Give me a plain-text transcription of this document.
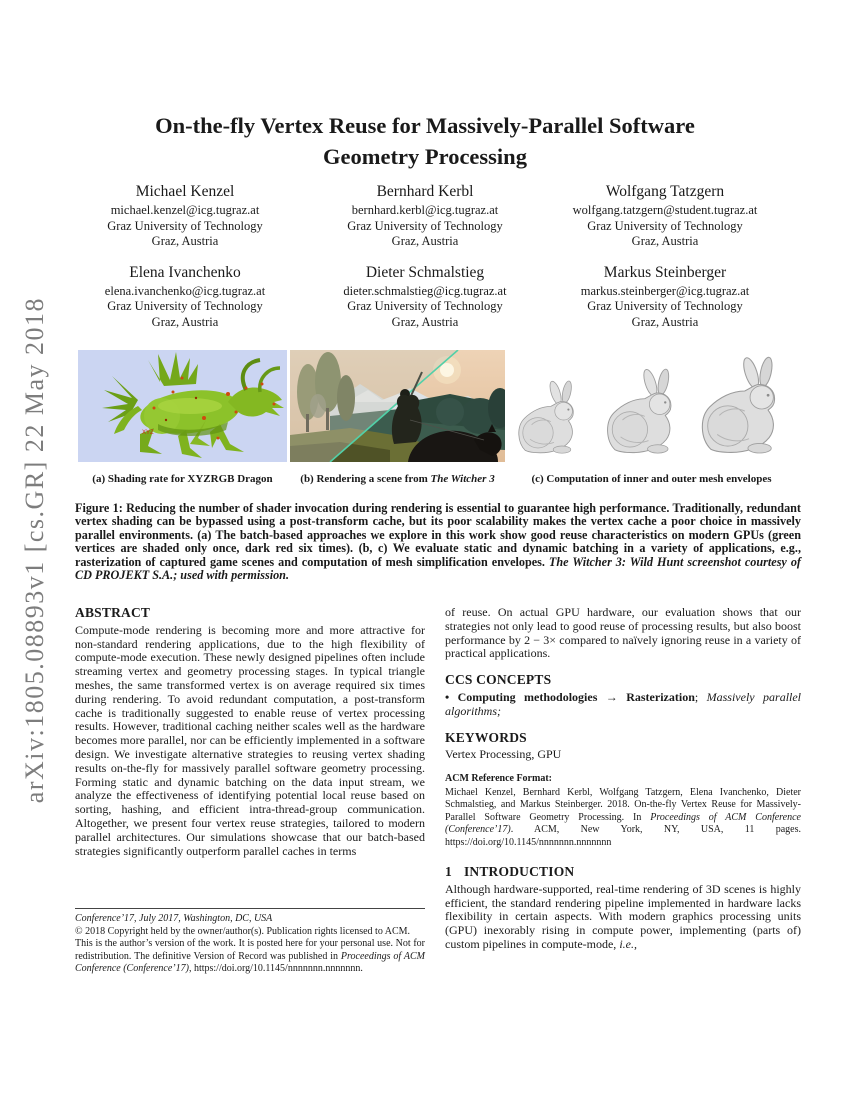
arXiv:1805.08893v1 [cs.GR] 22 May 2018
On-the-fly Vertex Reuse for Massively-Parallel Software
Geometry Processing
Michael Kenzel
michael.kenzel@icg.tugraz.at
Graz University of Technology
Graz, Austria
Bernhard Kerbl
bernhard.kerbl@icg.tugraz.at
Graz University of Technology
Graz, Austria
Wolfgang Tatzgern
wolfgang.tatzgern@student.tugraz.at
Graz University of Technology
Graz, Austria
Elena Ivanchenko
elena.ivanchenko@icg.tugraz.at
Graz University of Technology
Graz, Austria
Dieter Schmalstieg
dieter.schmalstieg@icg.tugraz.at
Graz University of Technology
Graz, Austria
Markus Steinberger
markus.steinberger@icg.tugraz.at
Graz University of Technology
Graz, Austria
XYZ
(a) Shading rate for XYZRGB Dragon	(b) Rendering a scene from The Witcher 3	(c) Computation of inner and outer mesh envelopes
Figure 1: Reducing the number of shader invocation during rendering is essential to guarantee high performance. Traditionally, redundant vertex shading can be bypassed using a post-transform cache, but its poor scalability makes the vertex cache a poor choice in massively parallel environments. (a) The batch-based approaches we explore in this work show good reuse characteristics on modern GPUs (green vertices are shaded only once, dark red six times). (b, c) We evaluate static and dynamic batching in a variety of applications, e.g., rasterization of captured game scenes and computation of mesh simplification envelopes. The Witcher 3: Wild Hunt screenshot courtesy of CD PROJEKT S.A.; used with permission.
ABSTRACT

Compute-mode rendering is becoming more and more attractive for non-standard rendering applications, due to the high flexibility of compute-mode execution. These newly designed pipelines often include streaming vertex and geometry processing stages. In typical triangle meshes, the same transformed vertex is on average required six times during rendering. To avoid redundant computation, a post-transform cache is traditionally suggested to enable reuse of vertex processing results. However, traditional caching neither scales well as the hardware becomes more parallel, nor can be efficiently implemented in a software design. We investigate alternative strategies to reusing vertex shading results on-the-fly for massively parallel software geometry processing. Forming static and dynamic batching on the data input stream, we analyze the effectiveness of identifying potential local reuse based on sorting, hashing, and efficient intra-thread-group communication. Altogether, we present four vertex reuse strategies, tailored to modern parallel architectures. Our simulations showcase that our batch-based strategies significantly outperform parallel caches in terms

Conference’17, July 2017, Washington, DC, USA
© 2018 Copyright held by the owner/author(s). Publication rights licensed to ACM.
This is the author’s version of the work. It is posted here for your personal use. Not for redistribution. The definitive Version of Record was published in Proceedings of ACM Conference (Conference’17), https://doi.org/10.1145/nnnnnnn.nnnnnnn.

of reuse. On actual GPU hardware, our evaluation shows that our strategies not only lead to good reuse of processing results, but also boost performance by 2 − 3× compared to naïvely ignoring reuse in a variety of practical applications.

CCS CONCEPTS

• Computing methodologies → Rasterization; Massively parallel algorithms;

KEYWORDS

Vertex Processing, GPU

ACM Reference Format:

Michael Kenzel, Bernhard Kerbl, Wolfgang Tatzgern, Elena Ivanchenko, Dieter Schmalstieg, and Markus Steinberger. 2018. On-the-fly Vertex Reuse for Massively-Parallel Software Geometry Processing. In Proceedings of ACM Conference (Conference’17). ACM, New York, NY, USA, 11 pages. https://doi.org/10.1145/nnnnnnn.nnnnnnn

1 INTRODUCTION

Although hardware-supported, real-time rendering of 3D scenes is highly efficient, the standard rendering pipeline implemented in hardware lacks flexibility in certain aspects. With modern graphics processing units (GPU) inexorably rising in compute power, implementing (parts of) custom pipelines in compute-mode, i.e.,
